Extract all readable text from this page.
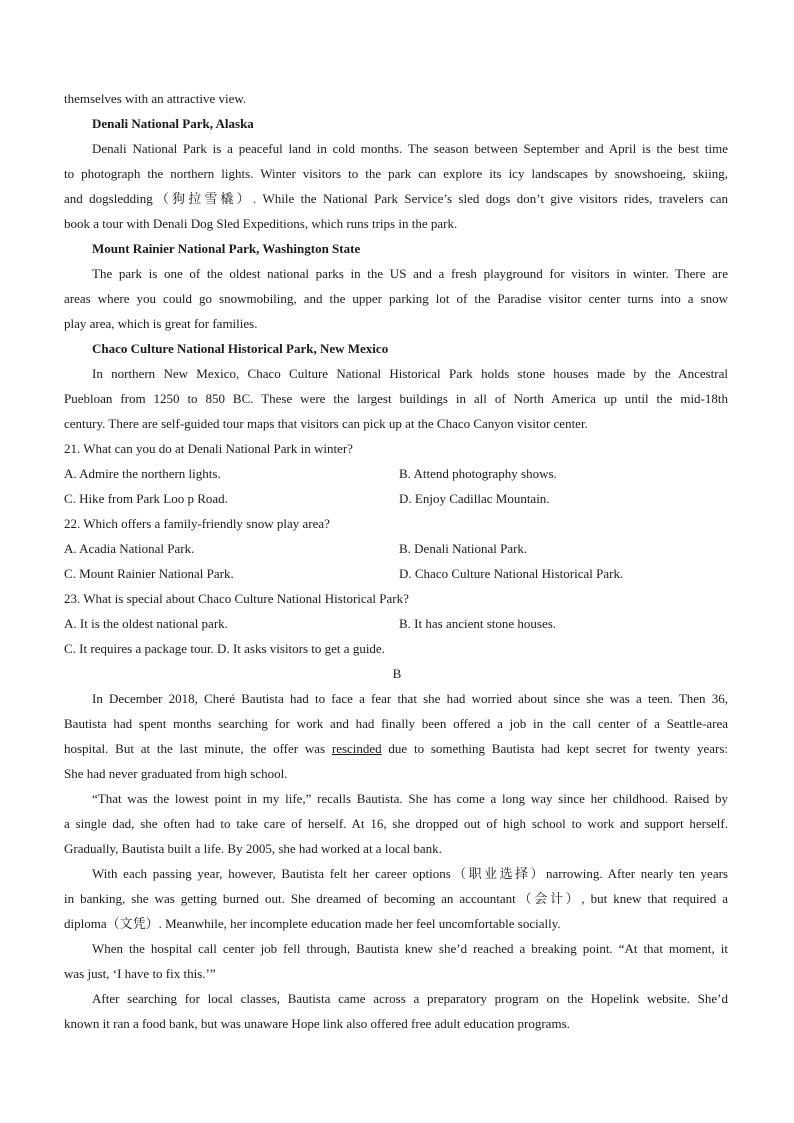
themselves with an attractive view.
Denali National Park, Alaska
Denali National Park is a peaceful land in cold months. The season between September and April is the best time
to photograph the northern lights. Winter visitors to the park can explore its icy landscapes by snowshoeing, skiing,
and dogsledding（狗拉雪橇）. While the National Park Service’s sled dogs don’t give visitors rides, travelers can
book a tour with Denali Dog Sled Expeditions, which runs trips in the park.
Mount Rainier National Park, Washington State
The park is one of the oldest national parks in the US and a fresh playground for visitors in winter. There are
areas where you could go snowmobiling, and the upper parking lot of the Paradise visitor center turns into a snow
play area, which is great for families.
Chaco Culture National Historical Park, New Mexico
In northern New Mexico, Chaco Culture National Historical Park holds stone houses made by the Ancestral
Puebloan from 1250 to 850 BC. These were the largest buildings in all of North America up until the mid-18th
century. There are self-guided tour maps that visitors can pick up at the Chaco Canyon visitor center.
21. What can you do at Denali National Park in winter?
A. Admire the northern lights.	B. Attend photography shows.
C. Hike from Park Loo p Road.	D. Enjoy Cadillac Mountain.
22. Which offers a family-friendly snow play area?
A. Acadia National Park.	B. Denali National Park.
C. Mount Rainier National Park.	D. Chaco Culture National Historical Park.
23. What is special about Chaco Culture National Historical Park?
A. It is the oldest national park.	B. It has ancient stone houses.
C. It requires a package tour. D. It asks visitors to get a guide.
B
In December 2018, Cheré Bautista had to face a fear that she had worried about since she was a teen. Then 36,
Bautista had spent months searching for work and had finally been offered a job in the call center of a Seattle-area
hospital. But at the last minute, the offer was rescinded due to something Bautista had kept secret for twenty years:
She had never graduated from high school.
“That was the lowest point in my life,” recalls Bautista. She has come a long way since her childhood. Raised by
a single dad, she often had to take care of herself. At 16, she dropped out of high school to work and support herself.
Gradually, Bautista built a life. By 2005, she had worked at a local bank.
With each passing year, however, Bautista felt her career options（职业选择）narrowing. After nearly ten years
in banking, she was getting burned out. She dreamed of becoming an accountant（会计）, but knew that required a
diploma（文凭）. Meanwhile, her incomplete education made her feel uncomfortable socially.
When the hospital call center job fell through, Bautista knew she’d reached a breaking point. “At that moment, it
was just, ‘I have to fix this.’”
After searching for local classes, Bautista came across a preparatory program on the Hopelink website. She’d
known it ran a food bank, but was unaware Hope link also offered free adult education programs.
